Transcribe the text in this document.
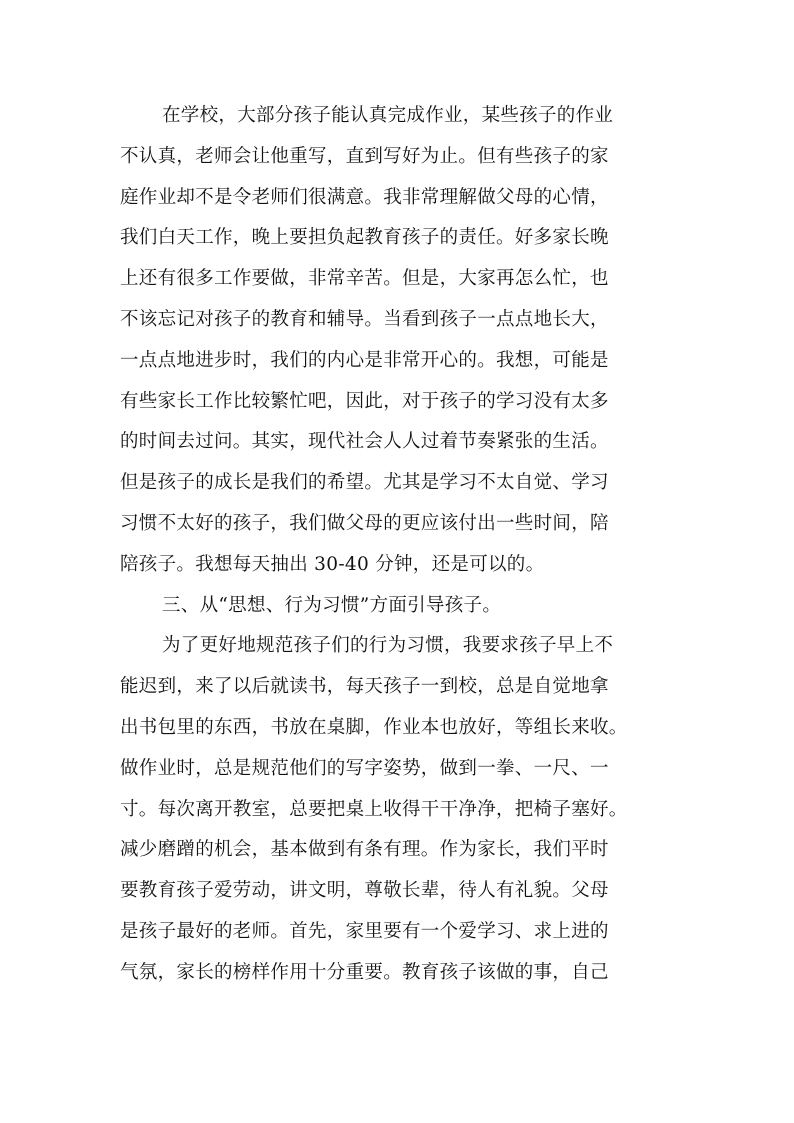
在学校，大部分孩子能认真完成作业，某些孩子的作业
不认真，老师会让他重写，直到写好为止。但有些孩子的家
庭作业却不是令老师们很满意。我非常理解做父母的心情，
我们白天工作，晚上要担负起教育孩子的责任。好多家长晚
上还有很多工作要做，非常辛苦。但是，大家再怎么忙，也
不该忘记对孩子的教育和辅导。当看到孩子一点点地长大，
一点点地进步时，我们的内心是非常开心的。我想，可能是
有些家长工作比较繁忙吧，因此，对于孩子的学习没有太多
的时间去过问。其实，现代社会人人过着节奏紧张的生活。
但是孩子的成长是我们的希望。尤其是学习不太自觉、学习
习惯不太好的孩子，我们做父母的更应该付出一些时间，陪
陪孩子。我想每天抽出 30-40 分钟，还是可以的。
三、从“思想、行为习惯”方面引导孩子。
为了更好地规范孩子们的行为习惯，我要求孩子早上不
能迟到，来了以后就读书，每天孩子一到校，总是自觉地拿
出书包里的东西，书放在桌脚，作业本也放好，等组长来收。
做作业时，总是规范他们的写字姿势，做到一拳、一尺、一
寸。每次离开教室，总要把桌上收得干干净净，把椅子塞好。
减少磨蹭的机会，基本做到有条有理。作为家长，我们平时
要教育孩子爱劳动，讲文明，尊敬长辈，待人有礼貌。父母
是孩子最好的老师。首先，家里要有一个爱学习、求上进的
气氛，家长的榜样作用十分重要。教育孩子该做的事，自己
